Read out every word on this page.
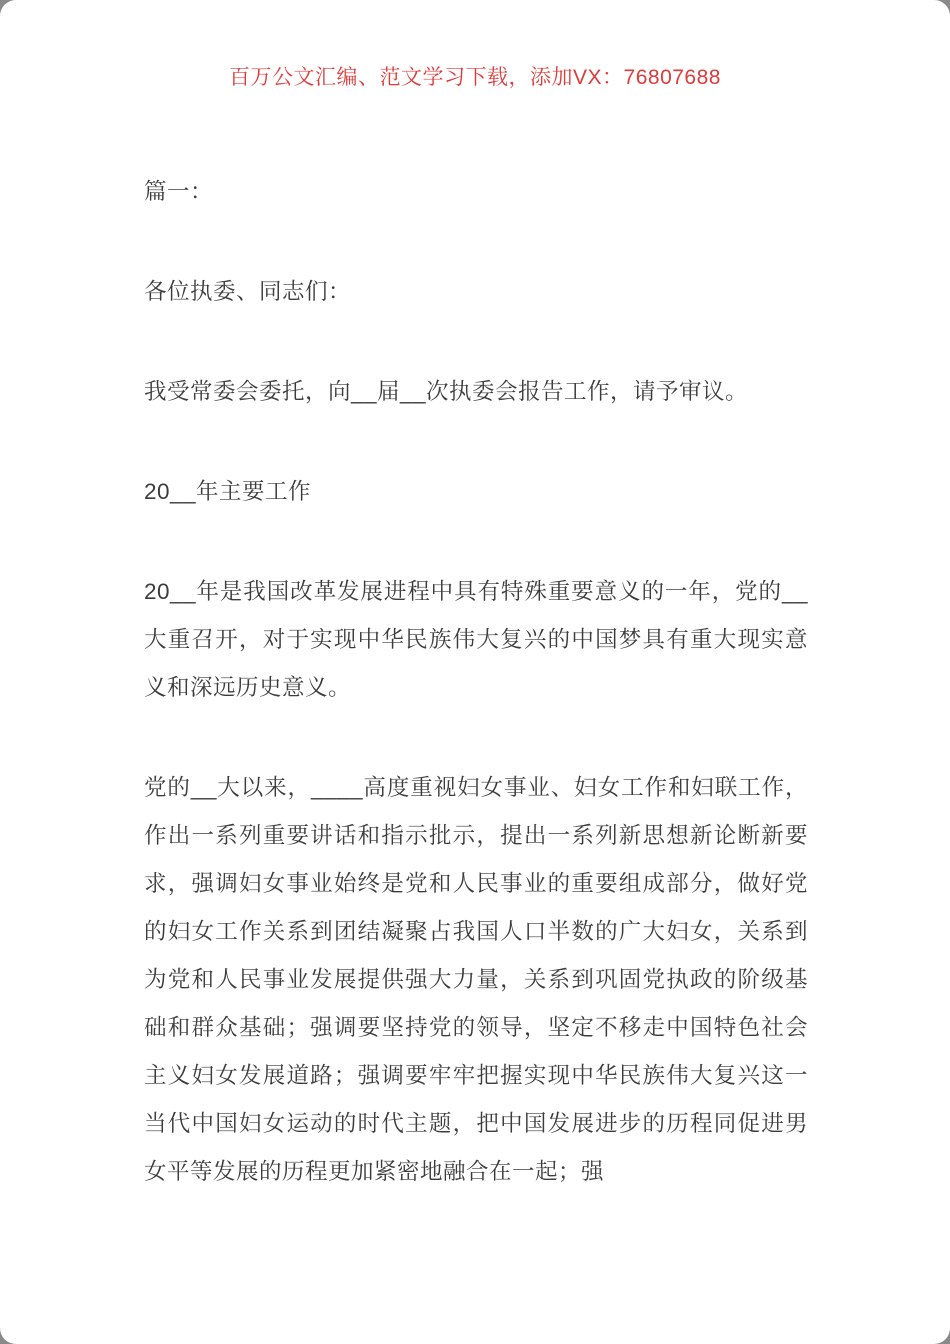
百万公文汇编、范文学习下载，添加VX：76807688

篇一：

各位执委、同志们：

我受常委会委托，向__届__次执委会报告工作，请予审议。

20__年主要工作

20__年是我国改革发展进程中具有特殊重要意义的一年，党的__大重召开，对于实现中华民族伟大复兴的中国梦具有重大现实意义和深远历史意义。

党的__大以来，____高度重视妇女事业、妇女工作和妇联工作，作出一系列重要讲话和指示批示，提出一系列新思想新论断新要求，强调妇女事业始终是党和人民事业的重要组成部分，做好党的妇女工作关系到团结凝聚占我国人口半数的广大妇女，关系到为党和人民事业发展提供强大力量，关系到巩固党执政的阶级基础和群众基础；强调要坚持党的领导，坚定不移走中国特色社会主义妇女发展道路；强调要牢牢把握实现中华民族伟大复兴这一当代中国妇女运动的时代主题，把中国发展进步的历程同促进男女平等发展的历程更加紧密地融合在一起；强
